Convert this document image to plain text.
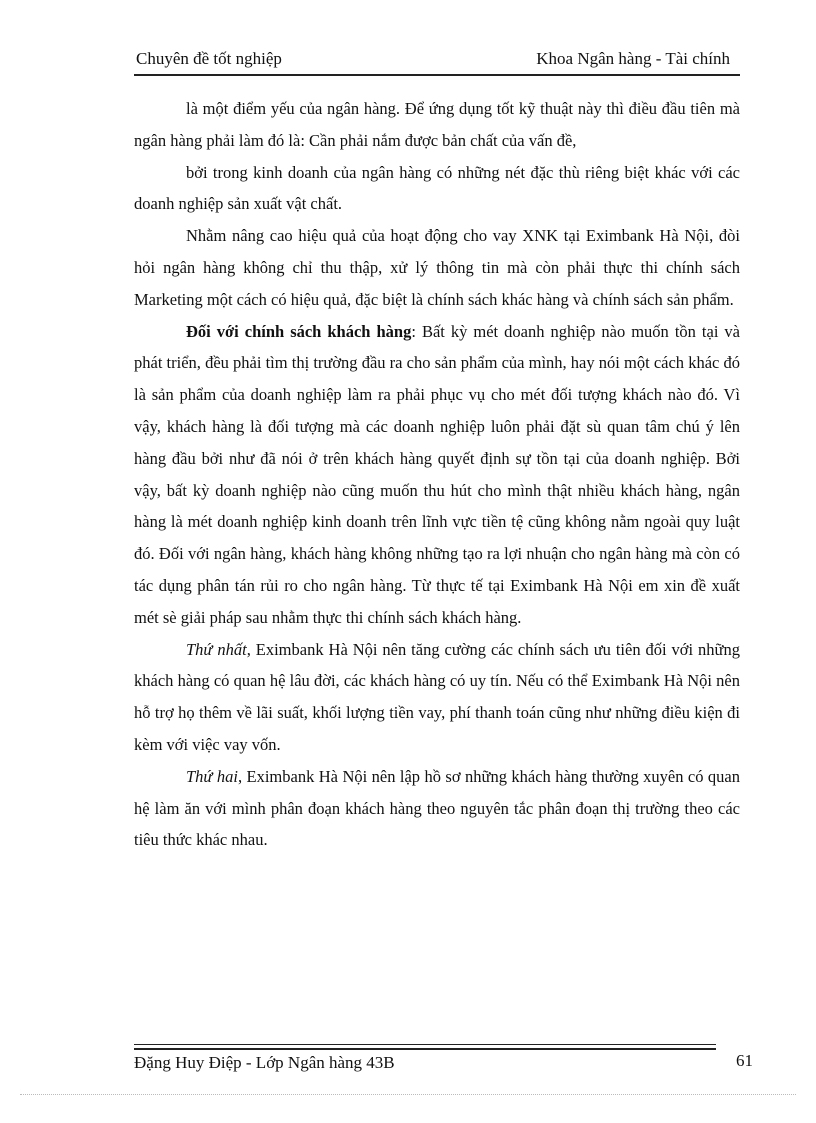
Chuyên đề tốt nghiệp	Khoa Ngân hàng - Tài chính

là một điểm yếu của ngân hàng. Để ứng dụng tốt kỹ thuật này thì điều đầu tiên mà ngân hàng phải làm đó là: Cần phải nắm được bản chất của vấn đề,

bởi trong kinh doanh của ngân hàng có những nét đặc thù riêng biệt khác với các doanh nghiệp sản xuất vật chất.

Nhằm nâng cao hiệu quả của hoạt động cho vay XNK tại Eximbank Hà Nội, đòi hỏi ngân hàng không chỉ thu thập, xử lý thông tin mà còn phải thực thi chính sách Marketing một cách có hiệu quả, đặc biệt là chính sách khác hàng và chính sách sản phẩm.

Đối với chính sách khách hàng: Bất kỳ mét doanh nghiệp nào muốn tồn tại và phát triển, đều phải tìm thị trường đầu ra cho sản phẩm của mình, hay nói một cách khác đó là sản phẩm của doanh nghiệp làm ra phải phục vụ cho mét đối tượng khách nào đó. Vì vậy, khách hàng là đối tượng mà các doanh nghiệp luôn phải đặt sù quan tâm chú ý lên hàng đầu bởi như đã nói ở trên khách hàng quyết định sự tồn tại của doanh nghiệp. Bởi vậy, bất kỳ doanh nghiệp nào cũng muốn thu hút cho mình thật nhiều khách hàng, ngân hàng là mét doanh nghiệp kinh doanh trên lĩnh vực tiền tệ cũng không nằm ngoài quy luật đó. Đối với ngân hàng, khách hàng không những tạo ra lợi nhuận cho ngân hàng mà còn có tác dụng phân tán rủi ro cho ngân hàng. Từ thực tế tại Eximbank Hà Nội em xin đề xuất mét sè giải pháp sau nhằm thực thi chính sách khách hàng.

Thứ nhất, Eximbank Hà Nội nên tăng cường các chính sách ưu tiên đối với những khách hàng có quan hệ lâu đời, các khách hàng có uy tín. Nếu có thể Eximbank Hà Nội nên hỗ trợ họ thêm về lãi suất, khối lượng tiền vay, phí thanh toán cũng như những điều kiện đi kèm với việc vay vốn.

Thứ hai, Eximbank Hà Nội nên lập hồ sơ những khách hàng thường xuyên có quan hệ làm ăn với mình phân đoạn khách hàng theo nguyên tắc phân đoạn thị trường theo các tiêu thức khác nhau.

Đặng Huy Điệp - Lớp Ngân hàng 43B	61
